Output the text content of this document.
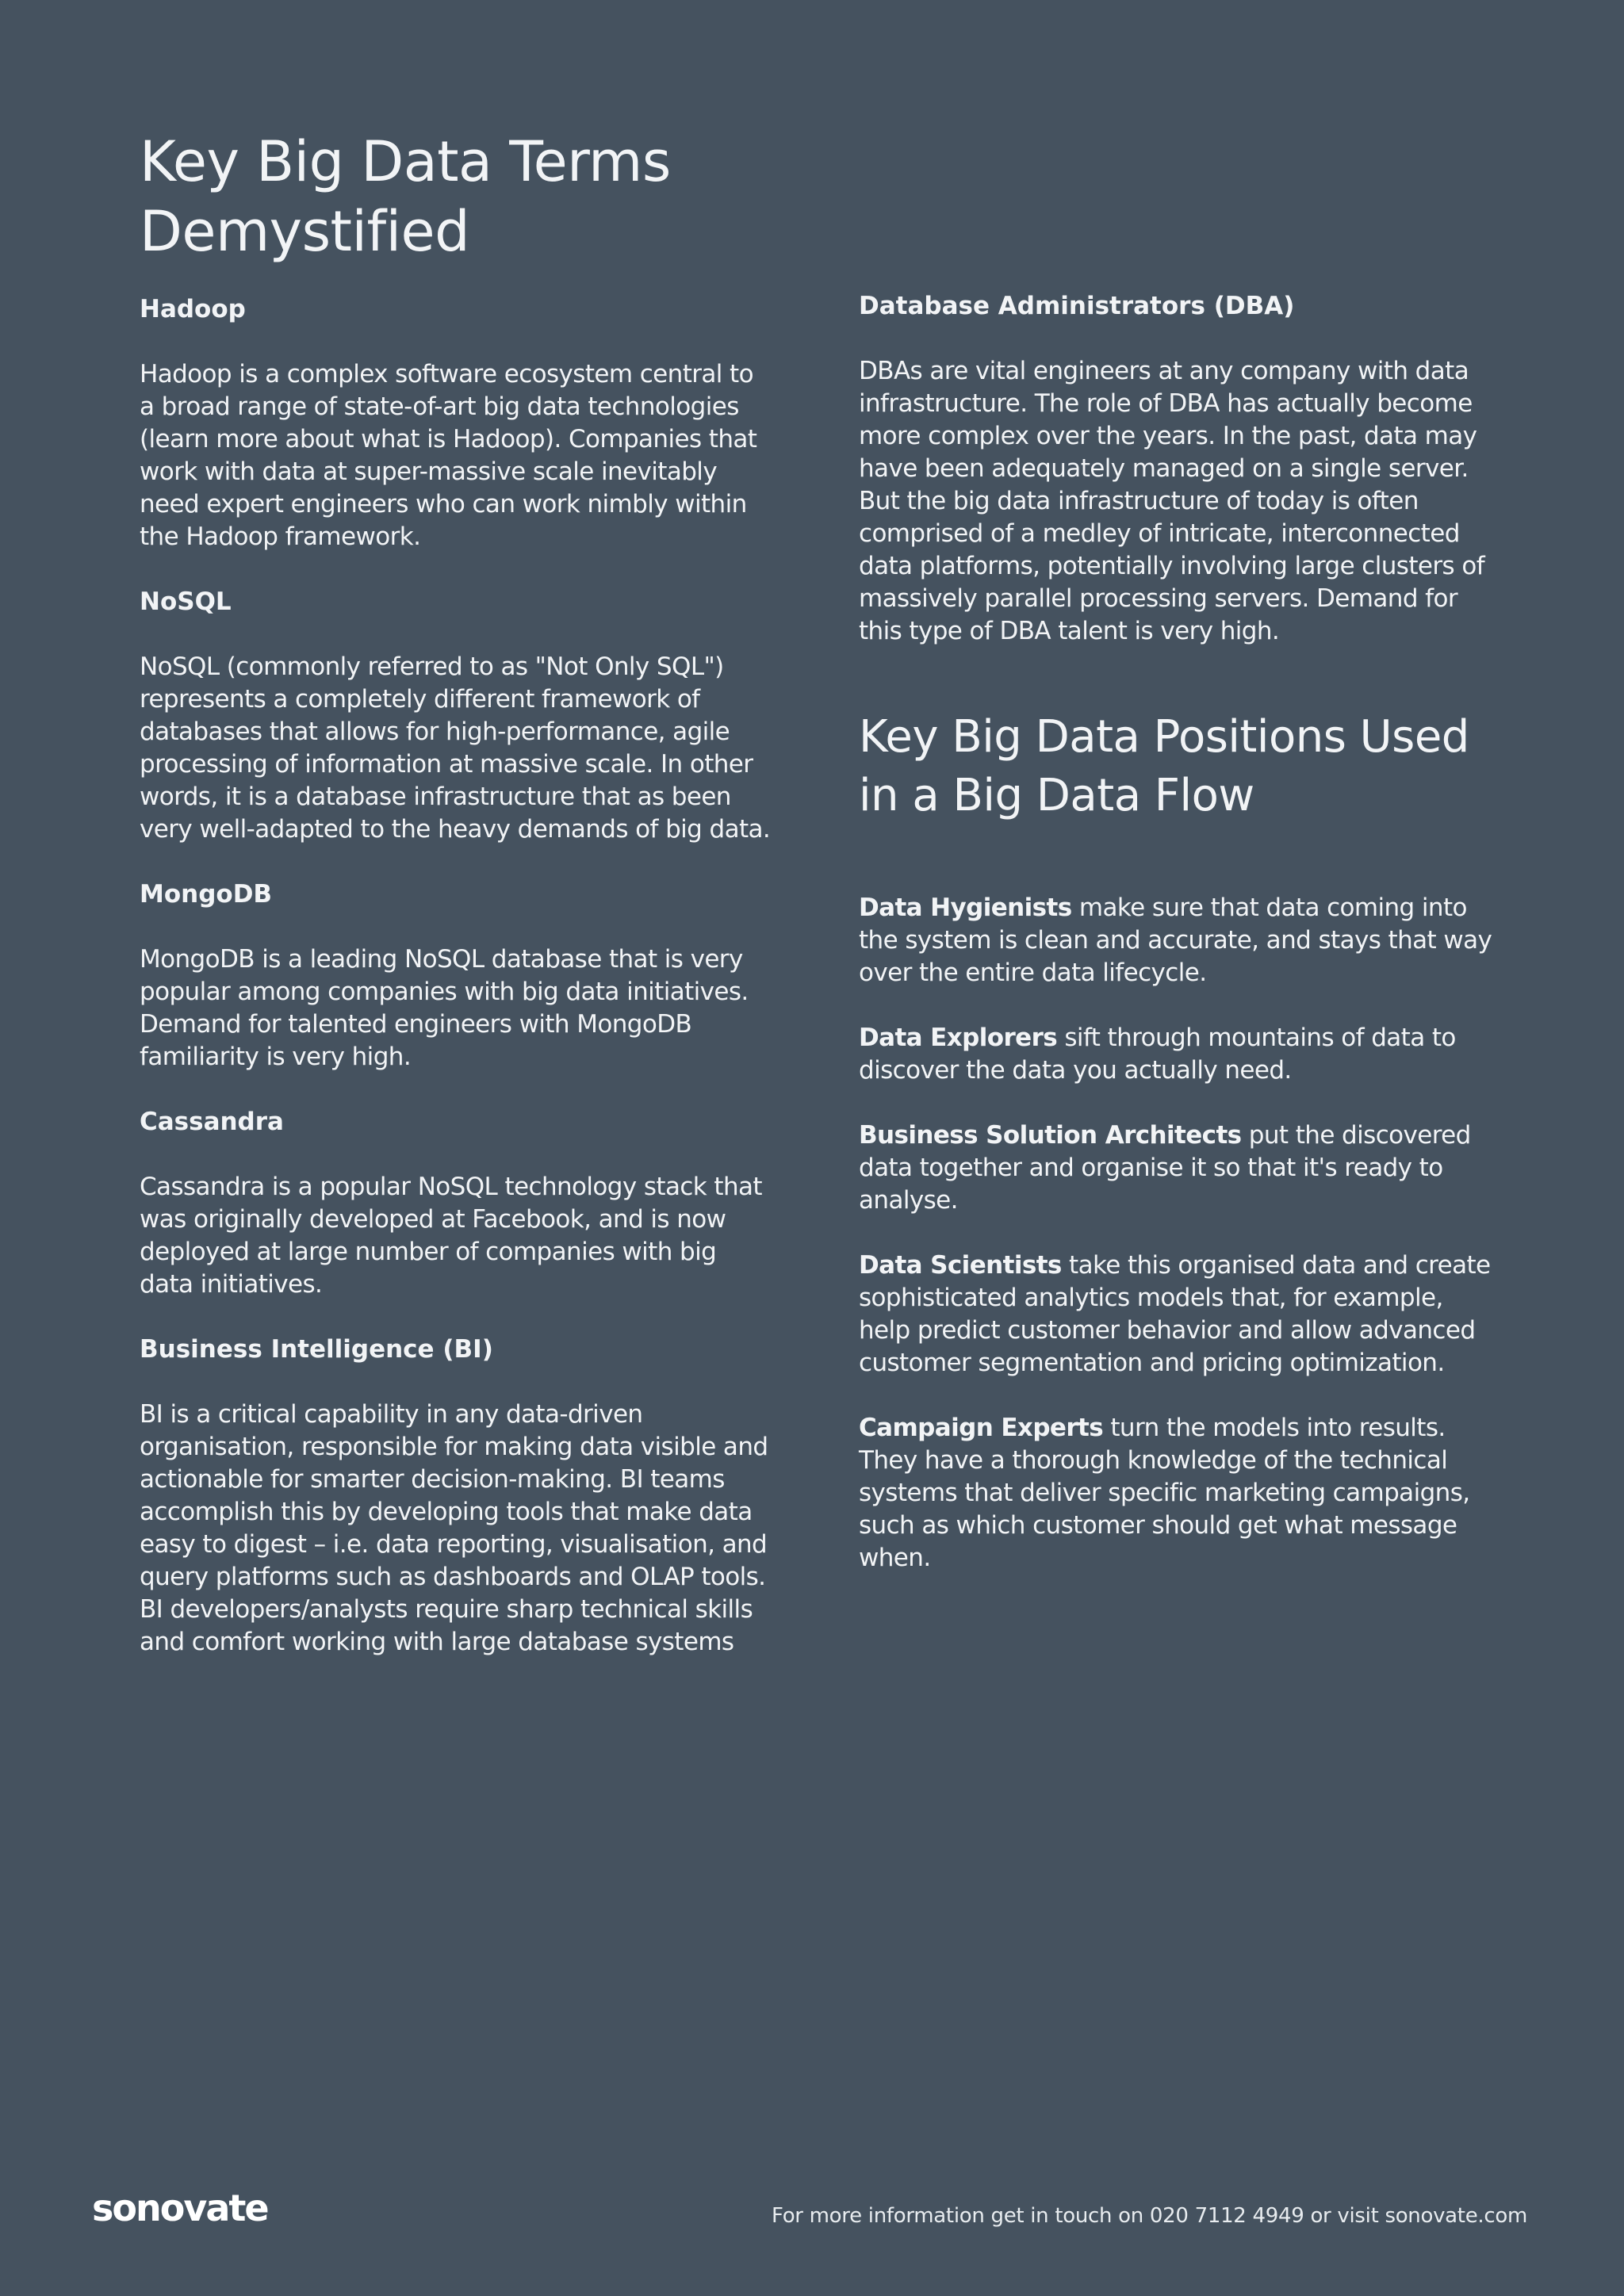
Key Big Data Terms Demystified

Hadoop

Hadoop is a complex software ecosystem central to a broad range of state-of-art big data technologies (learn more about what is Hadoop). Companies that work with data at super-massive scale inevitably need expert engineers who can work nimbly within the Hadoop framework.

NoSQL

NoSQL (commonly referred to as "Not Only SQL") represents a completely different framework of databases that allows for high-performance, agile processing of information at massive scale. In other words, it is a database infrastructure that as been very well-adapted to the heavy demands of big data.

MongoDB

MongoDB is a leading NoSQL database that is very popular among companies with big data initiatives. Demand for talented engineers with MongoDB familiarity is very high.

Cassandra

Cassandra is a popular NoSQL technology stack that was originally developed at Facebook, and is now deployed at large number of companies with big data initiatives.

Business Intelligence (BI)

BI is a critical capability in any data-driven organisation, responsible for making data visible and actionable for smarter decision-making. BI teams accomplish this by developing tools that make data easy to digest – i.e. data reporting, visualisation, and query platforms such as dashboards and OLAP tools. BI developers/analysts require sharp technical skills and comfort working with large database systems

Database Administrators (DBA)

DBAs are vital engineers at any company with data infrastructure. The role of DBA has actually become more complex over the years. In the past, data may have been adequately managed on a single server. But the big data infrastructure of today is often comprised of a medley of intricate, interconnected data platforms, potentially involving large clusters of massively parallel processing servers. Demand for this type of DBA talent is very high.

Key Big Data Positions Used in a Big Data Flow

Data Hygienists make sure that data coming into the system is clean and accurate, and stays that way over the entire data lifecycle.

Data Explorers sift through mountains of data to discover the data you actually need.

Business Solution Architects put the discovered data together and organise it so that it's ready to analyse.

Data Scientists take this organised data and create sophisticated analytics models that, for example, help predict customer behavior and allow advanced customer segmentation and pricing optimization.

Campaign Experts turn the models into results. They have a thorough knowledge of the technical systems that deliver specific marketing campaigns, such as which customer should get what message when.

sonovate	For more information get in touch on 020 7112 4949 or visit sonovate.com
